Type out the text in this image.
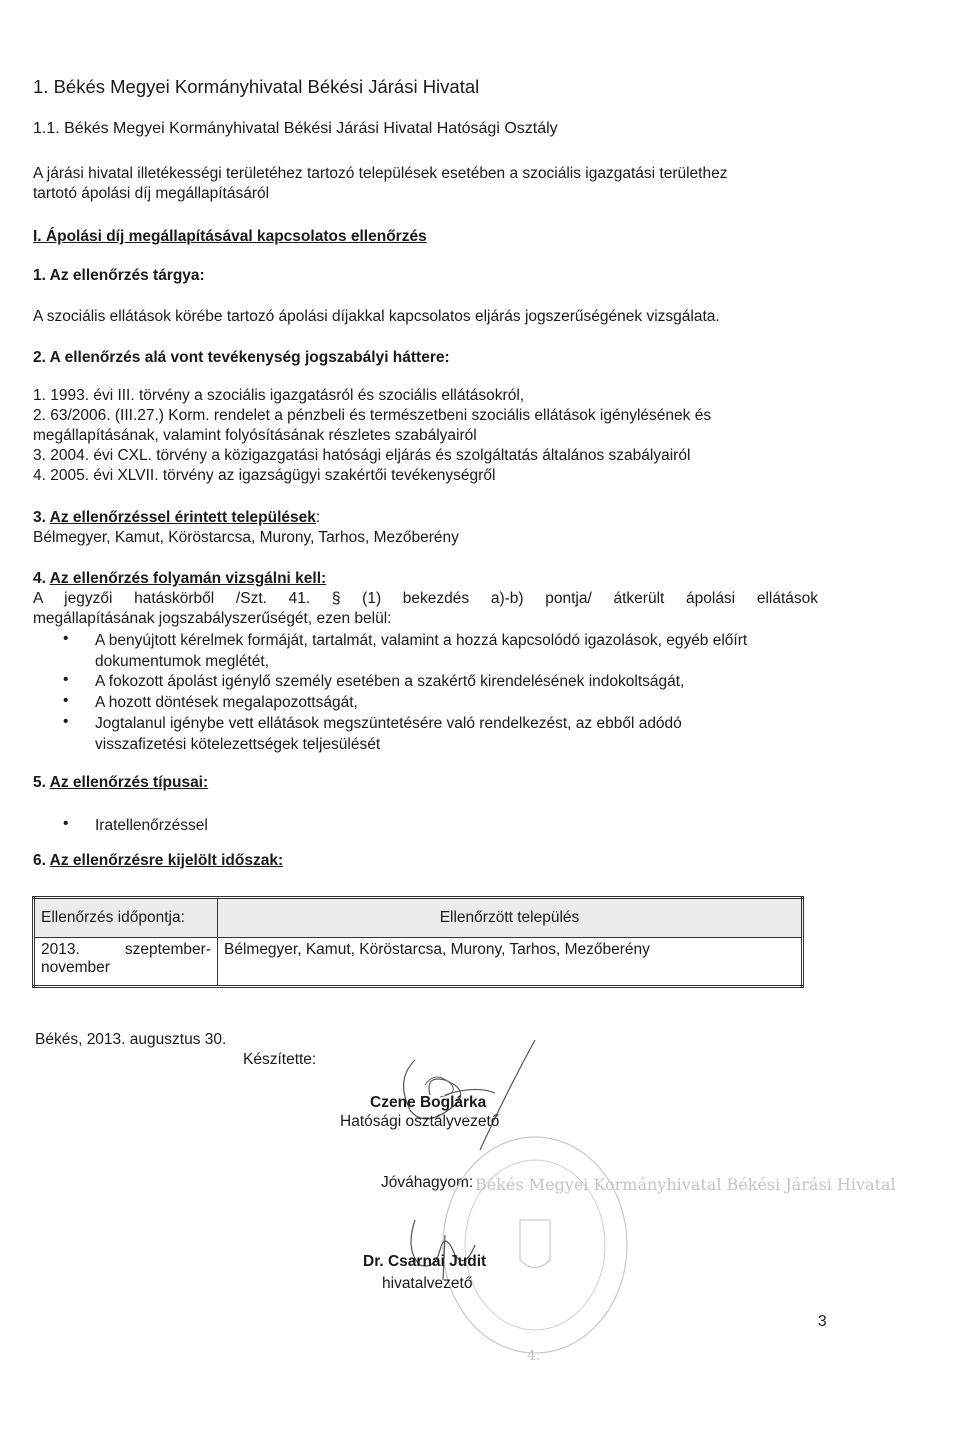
1. Békés Megyei Kormányhivatal Békési Járási Hivatal
1.1. Békés Megyei Kormányhivatal Békési Járási Hivatal Hatósági Osztály
A járási hivatal illetékességi területéhez tartozó települések esetében a szociális igazgatási területhez
tartotó ápolási díj megállapításáról
I. Ápolási díj megállapításával kapcsolatos ellenőrzés
1. Az ellenőrzés tárgya:
A szociális ellátások körébe tartozó ápolási díjakkal kapcsolatos eljárás jogszerűségének vizsgálata.
2. A ellenőrzés alá vont tevékenység jogszabályi háttere:
1. 1993. évi III. törvény a szociális igazgatásról és szociális ellátásokról,
2. 63/2006. (III.27.) Korm. rendelet a pénzbeli és természetbeni szociális ellátások igénylésének és
megállapításának, valamint folyósításának részletes szabályairól
3. 2004. évi CXL. törvény a közigazgatási hatósági eljárás és szolgáltatás általános szabályairól
4. 2005. évi XLVII. törvény az igazságügyi szakértői tevékenységről
3. Az ellenőrzéssel érintett települések:
Bélmegyer, Kamut, Köröstarcsa, Murony, Tarhos, Mezőberény
4. Az ellenőrzés folyamán vizsgálni kell:
A jegyzői hatáskörből /Szt. 41. § (1) bekezdés a)-b) pontja/ átkerült ápolási ellátások
megállapításának jogszabályszerűségét, ezen belül:
• A benyújtott kérelmek formáját, tartalmát, valamint a hozzá kapcsolódó igazolások, egyéb előírt
dokumentumok meglétét,
• A fokozott ápolást igénylő személy esetében a szakértő kirendelésének indokoltságát,
• A hozott döntések megalapozottságát,
• Jogtalanul igénybe vett ellátások megszüntetésére való rendelkezést, az ebből adódó
visszafizetési kötelezettségek teljesülését
5. Az ellenőrzés típusai:
• Iratellenőrzéssel
6. Az ellenőrzésre kijelölt időszak:
Ellenőrzés időpontja:	Ellenőrzött település

2013. szeptember-
november	Bélmegyer, Kamut, Köröstarcsa, Murony, Tarhos, Mezőberény
Békés, 2013. augusztus 30.
Készítette:
Czene Boglárka
Hatósági osztályvezető
Jóváhagyom: Békés Megyei Kormányhivatal Békési Járási Hivatal
4.
Dr. Csarnai Judit
hivatalvezető
3
